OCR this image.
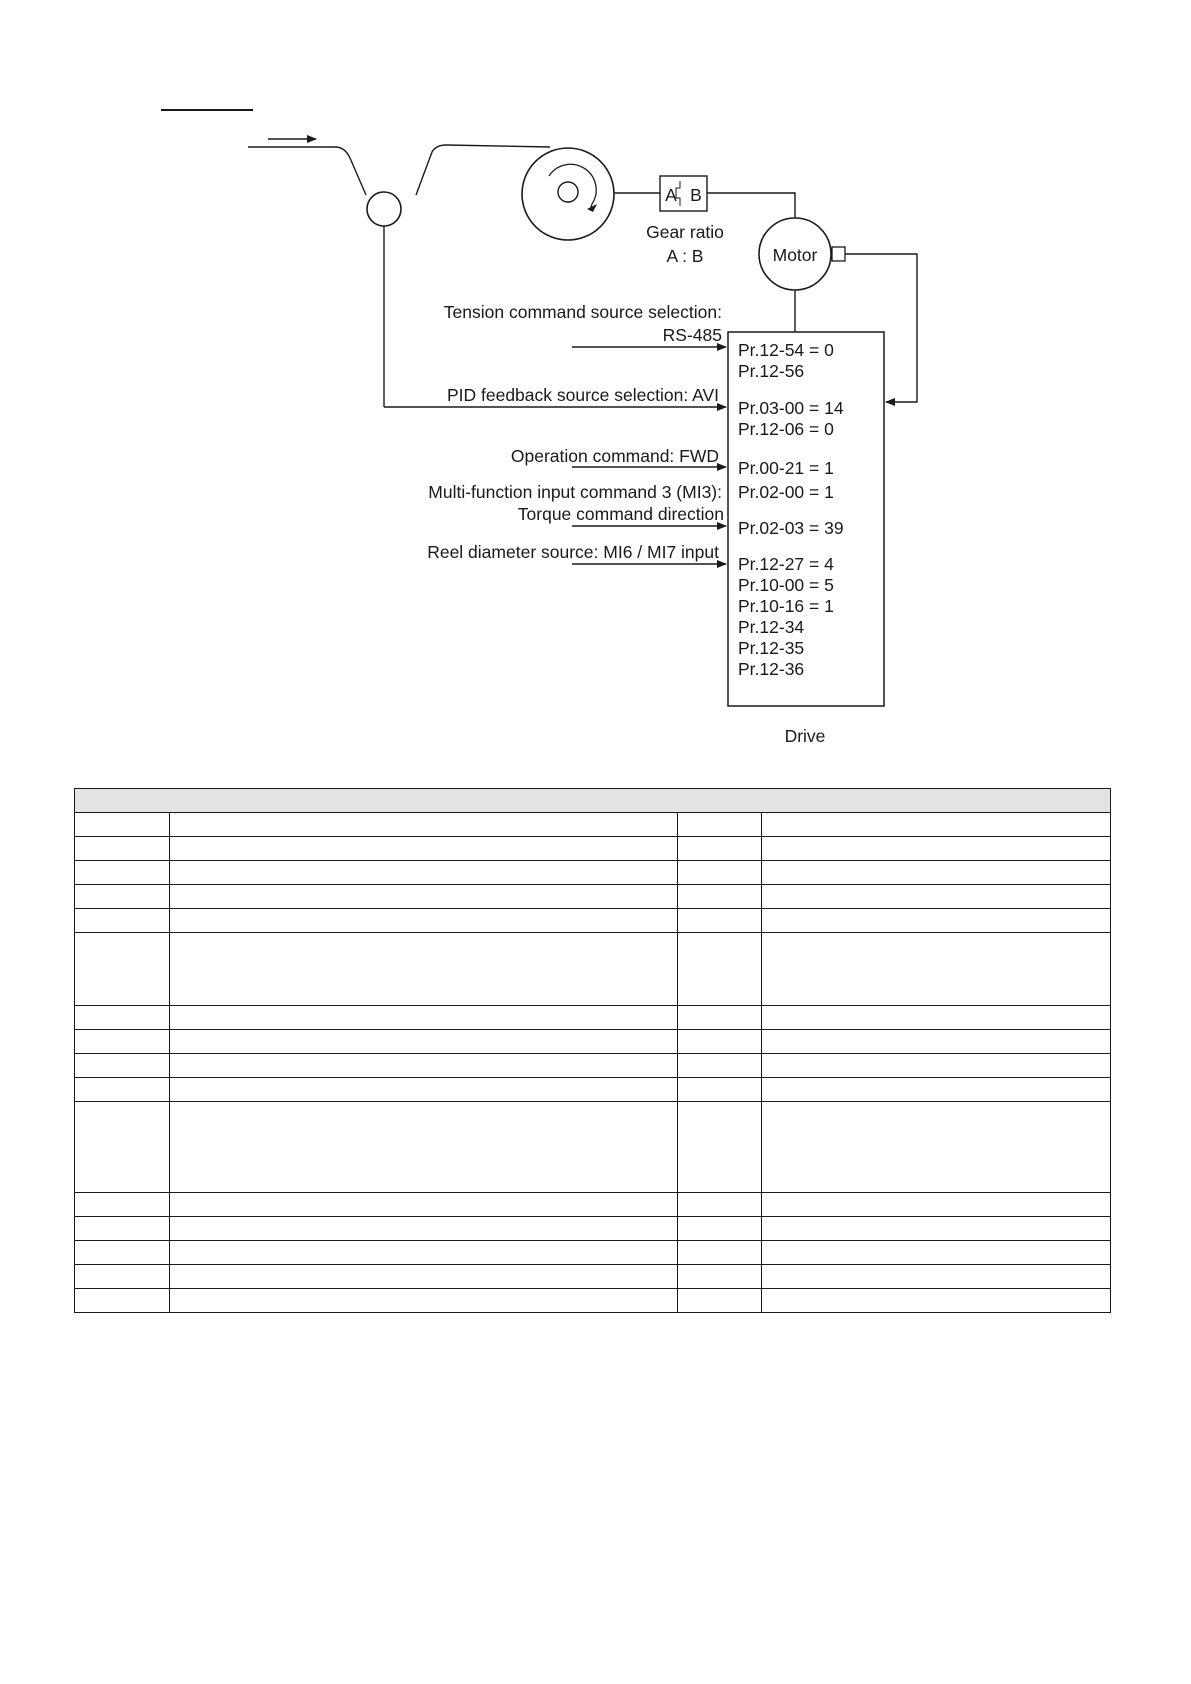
A B
Gear ratio
A : B	Motor
Drive
Pr.12-54 = 0
Pr.12-56
Pr.03-00 = 14
Pr.12-06 = 0
Pr.00-21 = 1
Pr.02-00 = 1
Pr.02-03 = 39
Pr.12-27 = 4
Pr.10-00 = 5
Pr.10-16 = 1
Pr.12-34
Pr.12-35
Pr.12-36
Tension command source selection:
RS-485
PID feedback source selection: AVI
Operation command: FWD
Multi-function input command 3 (MI3):
Torque command direction
Reel diameter source: MI6 / MI7 input
